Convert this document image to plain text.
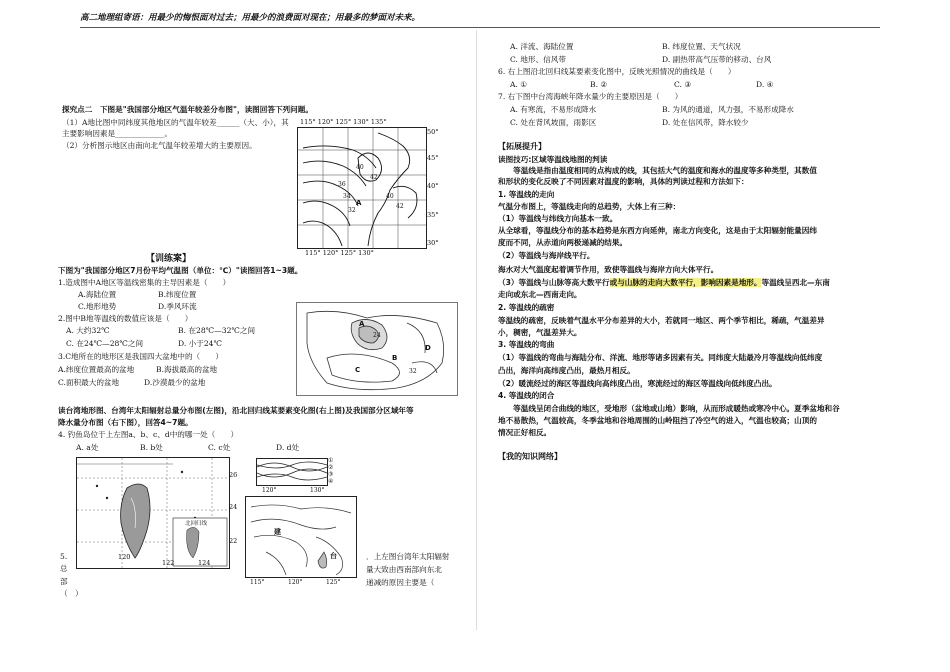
高二地理组寄语：用最少的悔恨面对过去；用最少的浪费面对现在；用最多的梦面对未来。
探究点二　下图是"我国部分地区气温年较差分布图"，读图回答下列问题。
（1）A地比图中同纬度其他地区的气温年较差______（大、小），其
主要影响因素是_____________。
（2）分析图示地区由南向北气温年较差增大的主要原因。
115° 120° 125° 130° 135°
40
42
36
34
32
40
42
A
50°
45°
40°
35°
30°
115° 120° 125° 130°
【训练案】
下图为"我国部分地区7月份平均气温图（单位：℃）"读图回答1~3题。
1.造成图中A地区等温线密集的主导因素是（　　）
A.海陆位置	B.纬度位置
C.地形地势	D.季风环流
2.图中B地等温线的数值应该是（　　）
A. 大约32℃	B. 在28℃—32℃之间
C. 在24℃—28℃之间	D. 小于24℃
3.C地所在的地形区是我国四大盆地中的（　　）
A.纬度位置最高的盆地	B.海拔最高的盆地
C.面积最大的盆地	D.沙漠最少的盆地
A
B
C
D
32
24
读台湾地形图、台湾年太阳辐射总量分布图(左图)，沿北回归线某要素变化图(右上图)及我国部分区域年等
降水量分布图（右下图），回答4~7题。
4. 钓鱼岛位于上左图a、b、c、d中的哪一处（　　）
A. a处	B. b处	C. c处	D. d处
北回归线
26
24
22
120
122	124
①
②
③
④
120°	130°
建
台
115°	120°	125°
5.
总
部
（　）
．上左图台湾年太阳辐射
量大致由西南部向东北
递减的原因主要是（
A. 洋流、海陆位置	B. 纬度位置、天气状况
C. 地形、信风带	D. 副热带高气压带的移动、台风
6. 右上图沿北回归线某要素变化图中，反映光照情况的曲线是（　　）
A. ①	B. ②	C. ③	D. ④
7. 右下图中台湾海峡年降水量少的主要原因是（　　）
A. 有寒流，不易形成降水	B. 为风的通道，风力强，不易形成降水
C. 处在背风坡面，雨影区	D. 处在信风带，降水较少
【拓展提升】
读图技巧:区域等温线地图的判读
　　等温线是指由温度相同的点构成的线，其包括大气的温度和海水的温度等多种类型，其数值
和形状的变化反映了不同因素对温度的影响，具体的判读过程和方法如下：
1. 等温线的走向
气温分布图上，等温线走向的总趋势，大体上有三种：
（1）等温线与纬线方向基本一致。
从全球看，等温线分布的基本趋势是东西方向延伸，南北方向变化，这是由于太阳辐射能量因纬
度而不同，从赤道向两极递减的结果。
（2）等温线与海岸线平行。
海水对大气温度起着调节作用，致使等温线与海岸方向大体平行。
（3）等温线与山脉等高大数平行或与山脉的走向大数平行，影响因素是地形。等温线呈西北—东南
走向或东北—西南走向。
2. 等温线的疏密
等温线的疏密，反映着气温水平分布差异的大小，若就同一地区、两个季节相比，稀疏，气温差异
小，稠密，气温差异大。
3. 等温线的弯曲
（1）等温线的弯曲与海陆分布、洋流、地形等诸多因素有关。同纬度大陆最冷月等温线向低纬度
凸出，海洋向高纬度凸出，最热月相反。
（2）暖流经过的海区等温线向高纬度凸出，寒流经过的海区等温线向低纬度凸出。
4. 等温线的闭合
　　等温线呈闭合曲线的地区，受地形（盆地或山地）影响，从而形成暖热或寒冷中心。夏季盆地和谷
地不易散热，气温较高，冬季盆地和谷地周围的山岭阻挡了冷空气的进入，气温也较高；山顶的
情况正好相反。
【我的知识网络】
